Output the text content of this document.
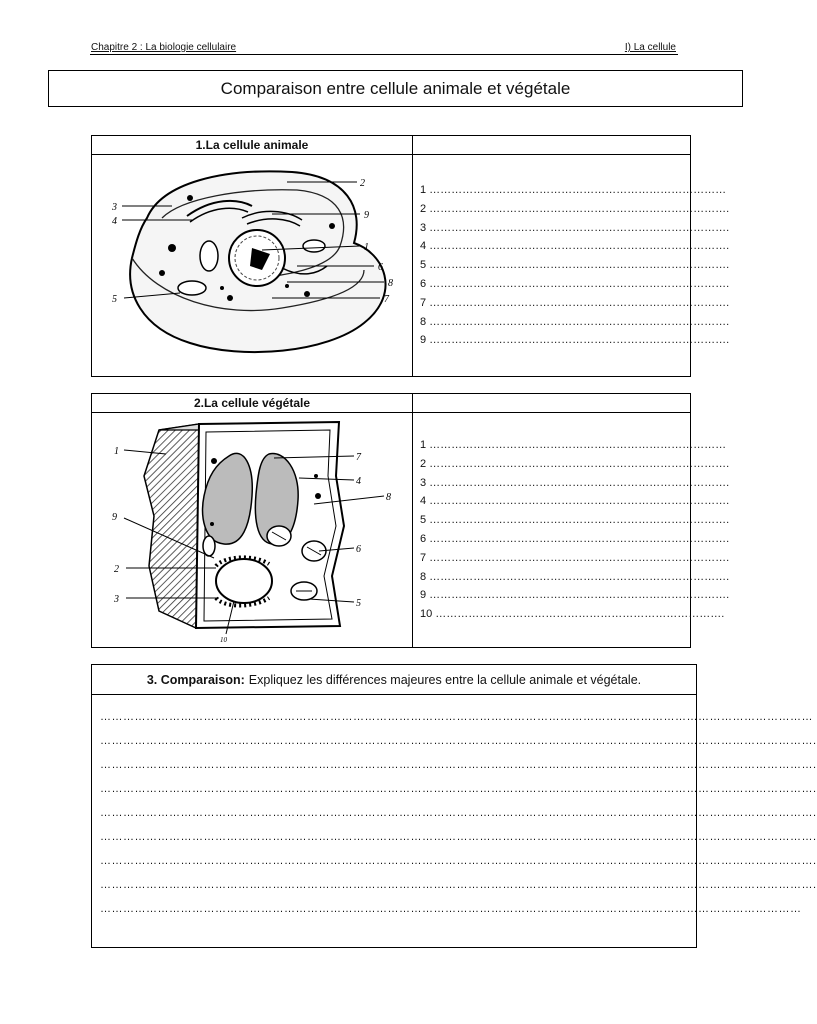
Chapitre 2 : La biologie cellulaire	I) La cellule
Comparaison entre cellule animale et végétale
1.La cellule animale
2
9
1
6
8
7
3
4
5
1 ………………………………………………………………………
2 ……………………………………………………………………….
3 ……………………………………………………………………….
4 ……………………………………………………………………….
5 ……………………………………………………………………….
6 ……………………………………………………………………….
7 ……………………………………………………………………….
8 ……………………………………………………………………….
9 ……………………………………………………………………….
2.La cellule végétale
1
7
4
8
9
6
2
3	5
10
1 ………………………………………………………………………
2 ……………………………………………………………………….
3 ……………………………………………………………………….
4 ……………………………………………………………………….
5 ……………………………………………………………………….
6 ……………………………………………………………………….
7 ……………………………………………………………………….
8 ……………………………………………………………………….
9 ……………………………………………………………………….
10 …………………………………………………………………….
3. Comparaison: Expliquez les différences majeures entre la cellule animale et végétale.
……………………………………………………………………………………………………………………………………………………………………
…………………………………………………………………………………………………………………………………………………………………….
…………………………………………………………………………………………………………………………………………………………………….
…………………………………………………………………………………………………………………………………………………………………….
…………………………………………………………………………………………………………………………………………………………………….
…………………………………………………………………………………………………………………………………………………………………….
…………………………………………………………………………………………………………………………………………………………………….
…………………………………………………………………………………………………………………………………………………………………….
…………………………………………………………………………………………………………………………………………………………………
